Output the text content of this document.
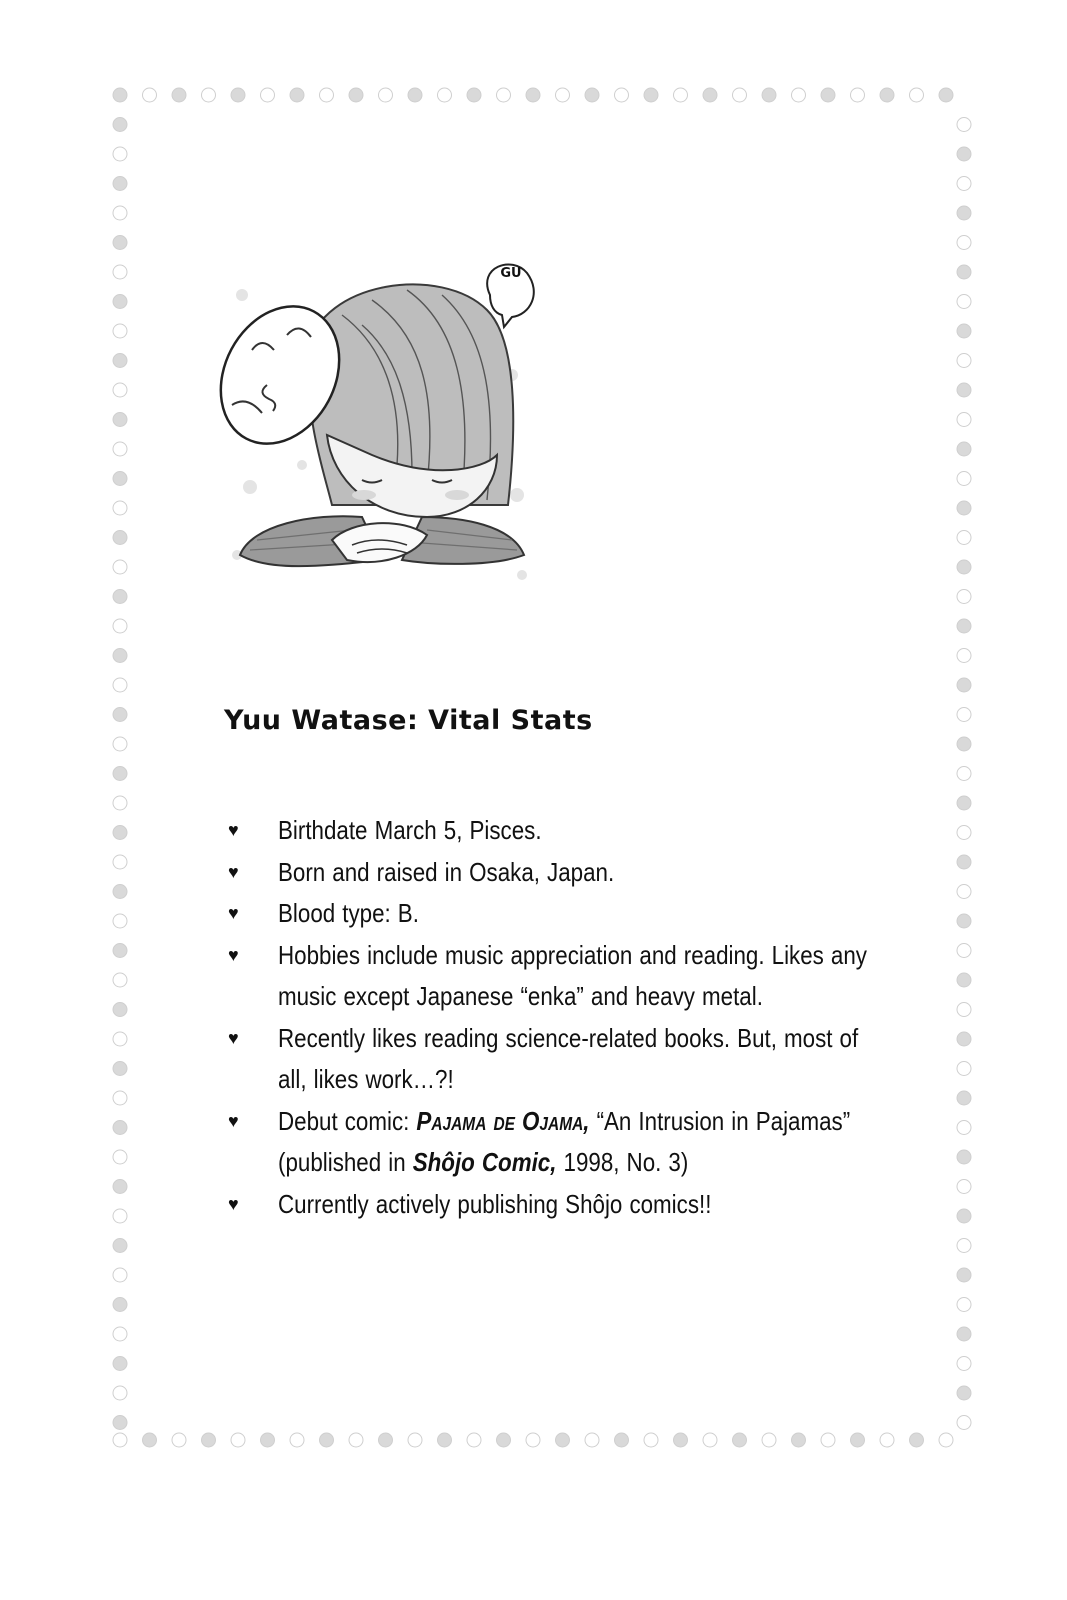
GU
Yuu Watase: Vital Stats
♥	Birthdate March 5, Pisces.
♥	Born and raised in Osaka, Japan.
♥	Blood type: B.
♥	Hobbies include music appreciation and reading. Likes any music except Japanese “enka” and heavy metal.
♥	Recently likes reading science-related books. But, most of all, likes work…?!
♥	Debut comic: Pajama de Ojama, “An Intrusion in Pajamas” (published in Shôjo Comic, 1998, No. 3)
♥	Currently actively publishing Shôjo comics!!
